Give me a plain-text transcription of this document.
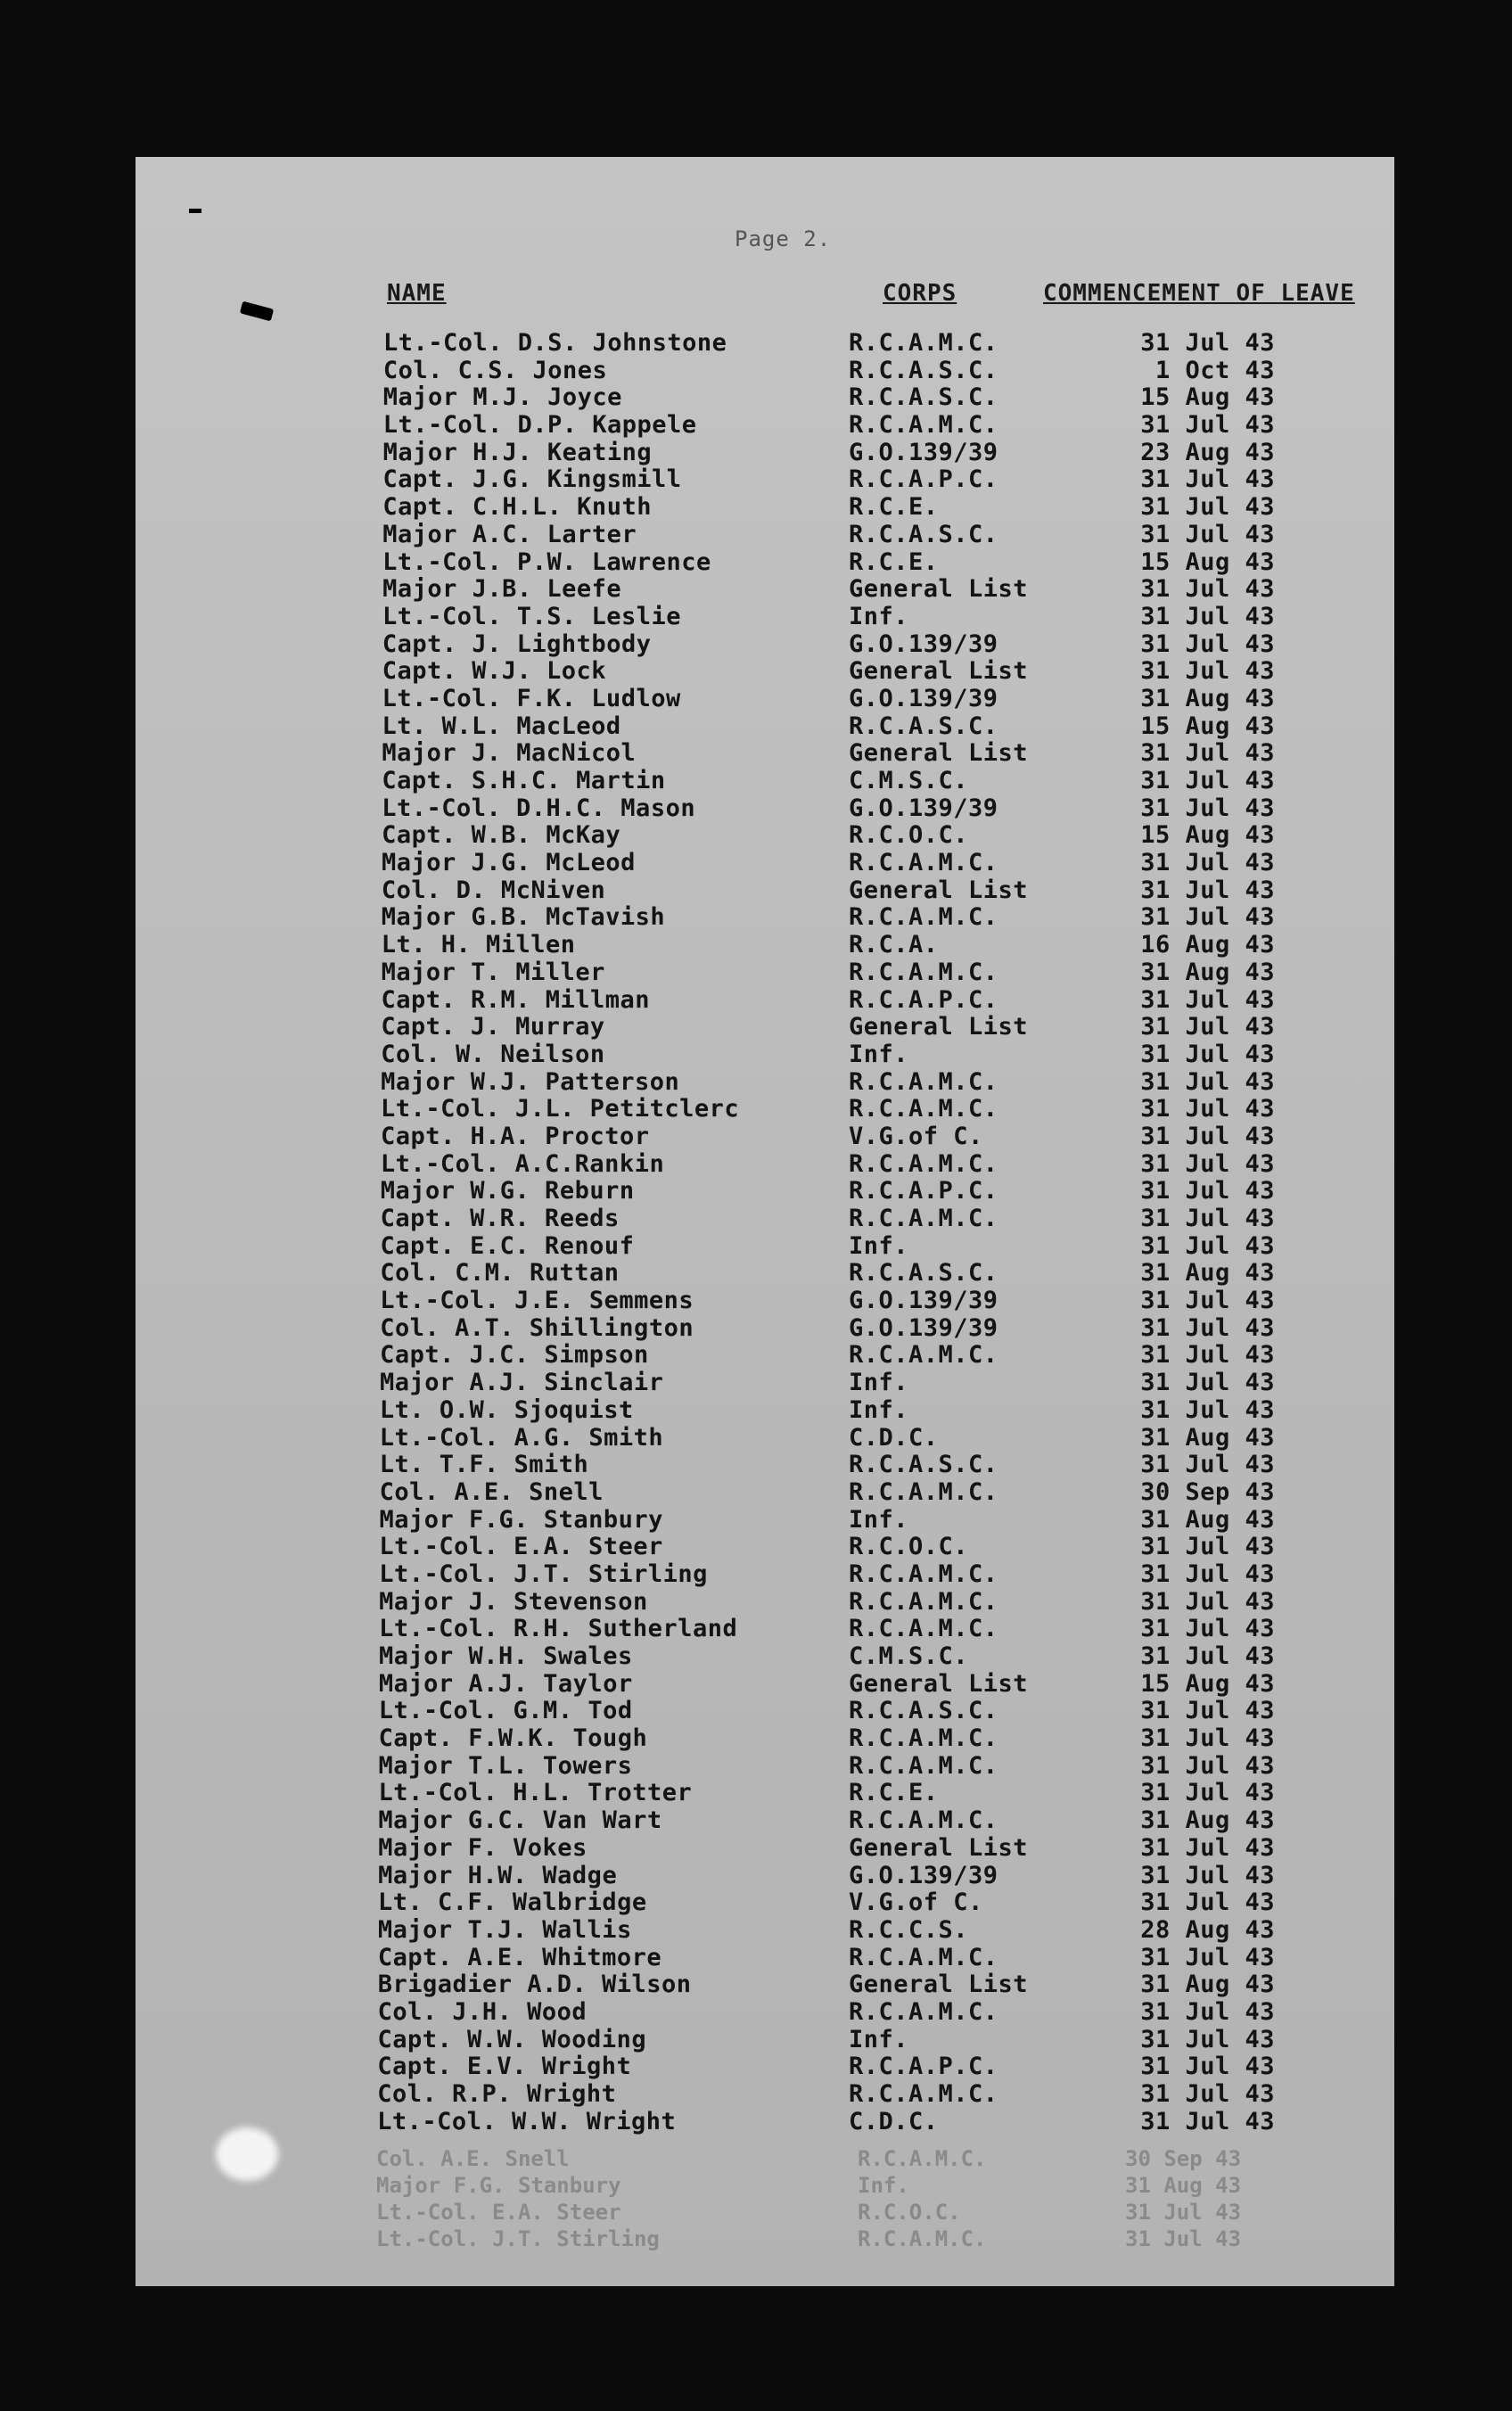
Page 2.
NAME	CORPS	COMMENCEMENT OF LEAVE
Lt.-Col. D.S. Johnstone	R.C.A.M.C.	31 Jul 43
Col. C.S. Jones	R.C.A.S.C.	1 Oct 43
Major M.J. Joyce	R.C.A.S.C.	15 Aug 43
Lt.-Col. D.P. Kappele	R.C.A.M.C.	31 Jul 43
Major H.J. Keating	G.O.139/39	23 Aug 43
Capt. J.G. Kingsmill	R.C.A.P.C.	31 Jul 43
Capt. C.H.L. Knuth	R.C.E.	31 Jul 43
Major A.C. Larter	R.C.A.S.C.	31 Jul 43
Lt.-Col. P.W. Lawrence	R.C.E.	15 Aug 43
Major J.B. Leefe	General List	31 Jul 43
Lt.-Col. T.S. Leslie	Inf.	31 Jul 43
Capt. J. Lightbody	G.O.139/39	31 Jul 43
Capt. W.J. Lock	General List	31 Jul 43
Lt.-Col. F.K. Ludlow	G.O.139/39	31 Aug 43
Lt. W.L. MacLeod	R.C.A.S.C.	15 Aug 43
Major J. MacNicol	General List	31 Jul 43
Capt. S.H.C. Martin	C.M.S.C.	31 Jul 43
Lt.-Col. D.H.C. Mason	G.O.139/39	31 Jul 43
Capt. W.B. McKay	R.C.O.C.	15 Aug 43
Major J.G. McLeod	R.C.A.M.C.	31 Jul 43
Col. D. McNiven	General List	31 Jul 43
Major G.B. McTavish	R.C.A.M.C.	31 Jul 43
Lt. H. Millen	R.C.A.	16 Aug 43
Major T. Miller	R.C.A.M.C.	31 Aug 43
Capt. R.M. Millman	R.C.A.P.C.	31 Jul 43
Capt. J. Murray	General List	31 Jul 43
Col. W. Neilson	Inf.	31 Jul 43
Major W.J. Patterson	R.C.A.M.C.	31 Jul 43
Lt.-Col. J.L. Petitclerc	R.C.A.M.C.	31 Jul 43
Capt. H.A. Proctor	V.G.of C.	31 Jul 43
Lt.-Col. A.C.Rankin	R.C.A.M.C.	31 Jul 43
Major W.G. Reburn	R.C.A.P.C.	31 Jul 43
Capt. W.R. Reeds	R.C.A.M.C.	31 Jul 43
Capt. E.C. Renouf	Inf.	31 Jul 43
Col. C.M. Ruttan	R.C.A.S.C.	31 Aug 43
Lt.-Col. J.E. Semmens	G.O.139/39	31 Jul 43
Col. A.T. Shillington	G.O.139/39	31 Jul 43
Capt. J.C. Simpson	R.C.A.M.C.	31 Jul 43
Major A.J. Sinclair	Inf.	31 Jul 43
Lt. O.W. Sjoquist	Inf.	31 Jul 43
Lt.-Col. A.G. Smith	C.D.C.	31 Aug 43
Lt. T.F. Smith	R.C.A.S.C.	31 Jul 43
Col. A.E. Snell	R.C.A.M.C.	30 Sep 43
Major F.G. Stanbury	Inf.	31 Aug 43
Lt.-Col. E.A. Steer	R.C.O.C.	31 Jul 43
Lt.-Col. J.T. Stirling	R.C.A.M.C.	31 Jul 43
Major J. Stevenson	R.C.A.M.C.	31 Jul 43
Lt.-Col. R.H. Sutherland	R.C.A.M.C.	31 Jul 43
Major W.H. Swales	C.M.S.C.	31 Jul 43
Major A.J. Taylor	General List	15 Aug 43
Lt.-Col. G.M. Tod	R.C.A.S.C.	31 Jul 43
Capt. F.W.K. Tough	R.C.A.M.C.	31 Jul 43
Major T.L. Towers	R.C.A.M.C.	31 Jul 43
Lt.-Col. H.L. Trotter	R.C.E.	31 Jul 43
Major G.C. Van Wart	R.C.A.M.C.	31 Aug 43
Major F. Vokes	General List	31 Jul 43
Major H.W. Wadge	G.O.139/39	31 Jul 43
Lt. C.F. Walbridge	V.G.of C.	31 Jul 43
Major T.J. Wallis	R.C.C.S.	28 Aug 43
Capt. A.E. Whitmore	R.C.A.M.C.	31 Jul 43
Brigadier A.D. Wilson	General List	31 Aug 43
Col. J.H. Wood	R.C.A.M.C.	31 Jul 43
Capt. W.W. Wooding	Inf.	31 Jul 43
Capt. E.V. Wright	R.C.A.P.C.	31 Jul 43
Col. R.P. Wright	R.C.A.M.C.	31 Jul 43
Lt.-Col. W.W. Wright	C.D.C.	31 Jul 43
Col. A.E. Snell	R.C.A.M.C.	30 Sep 43
Major F.G. Stanbury	Inf.	31 Aug 43
Lt.-Col. E.A. Steer	R.C.O.C.	31 Jul 43
Lt.-Col. J.T. Stirling	R.C.A.M.C.	31 Jul 43
